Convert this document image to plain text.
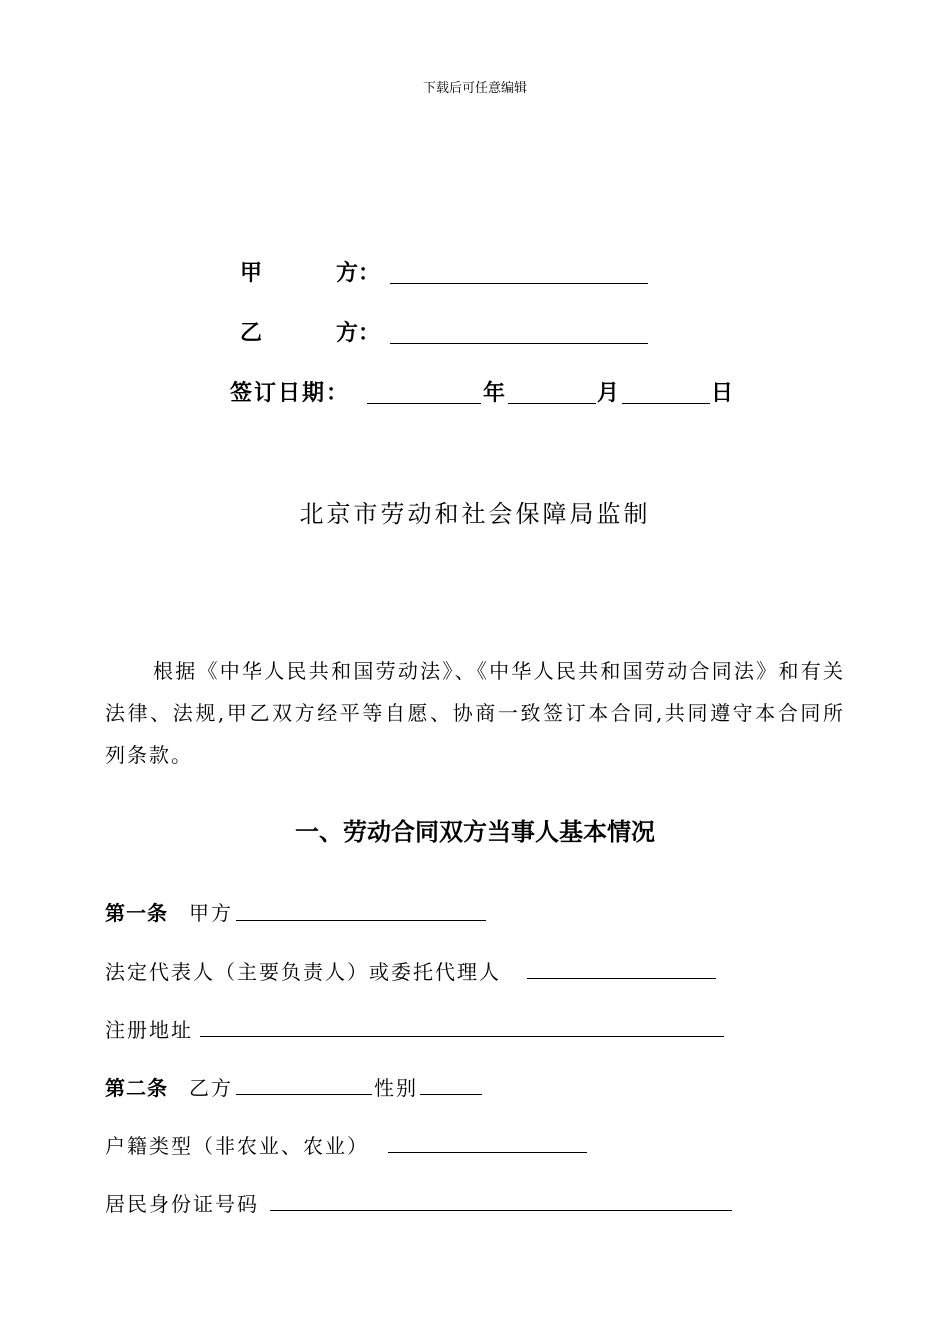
下载后可任意编辑
甲	方：
乙	方：
签订日期：	年	月	日
北京市劳动和社会保障局监制
根据《中华人民共和国劳动法》、《中华人民共和国劳动合同法》和有关法律、法规,甲乙双方经平等自愿、协商一致签订本合同,共同遵守本合同所列条款。
一、劳动合同双方当事人基本情况
第一条 甲方
法定代表人（主要负责人）或委托代理人
注册地址
第二条 乙方	性别
户籍类型（非农业、农业）
居民身份证号码
